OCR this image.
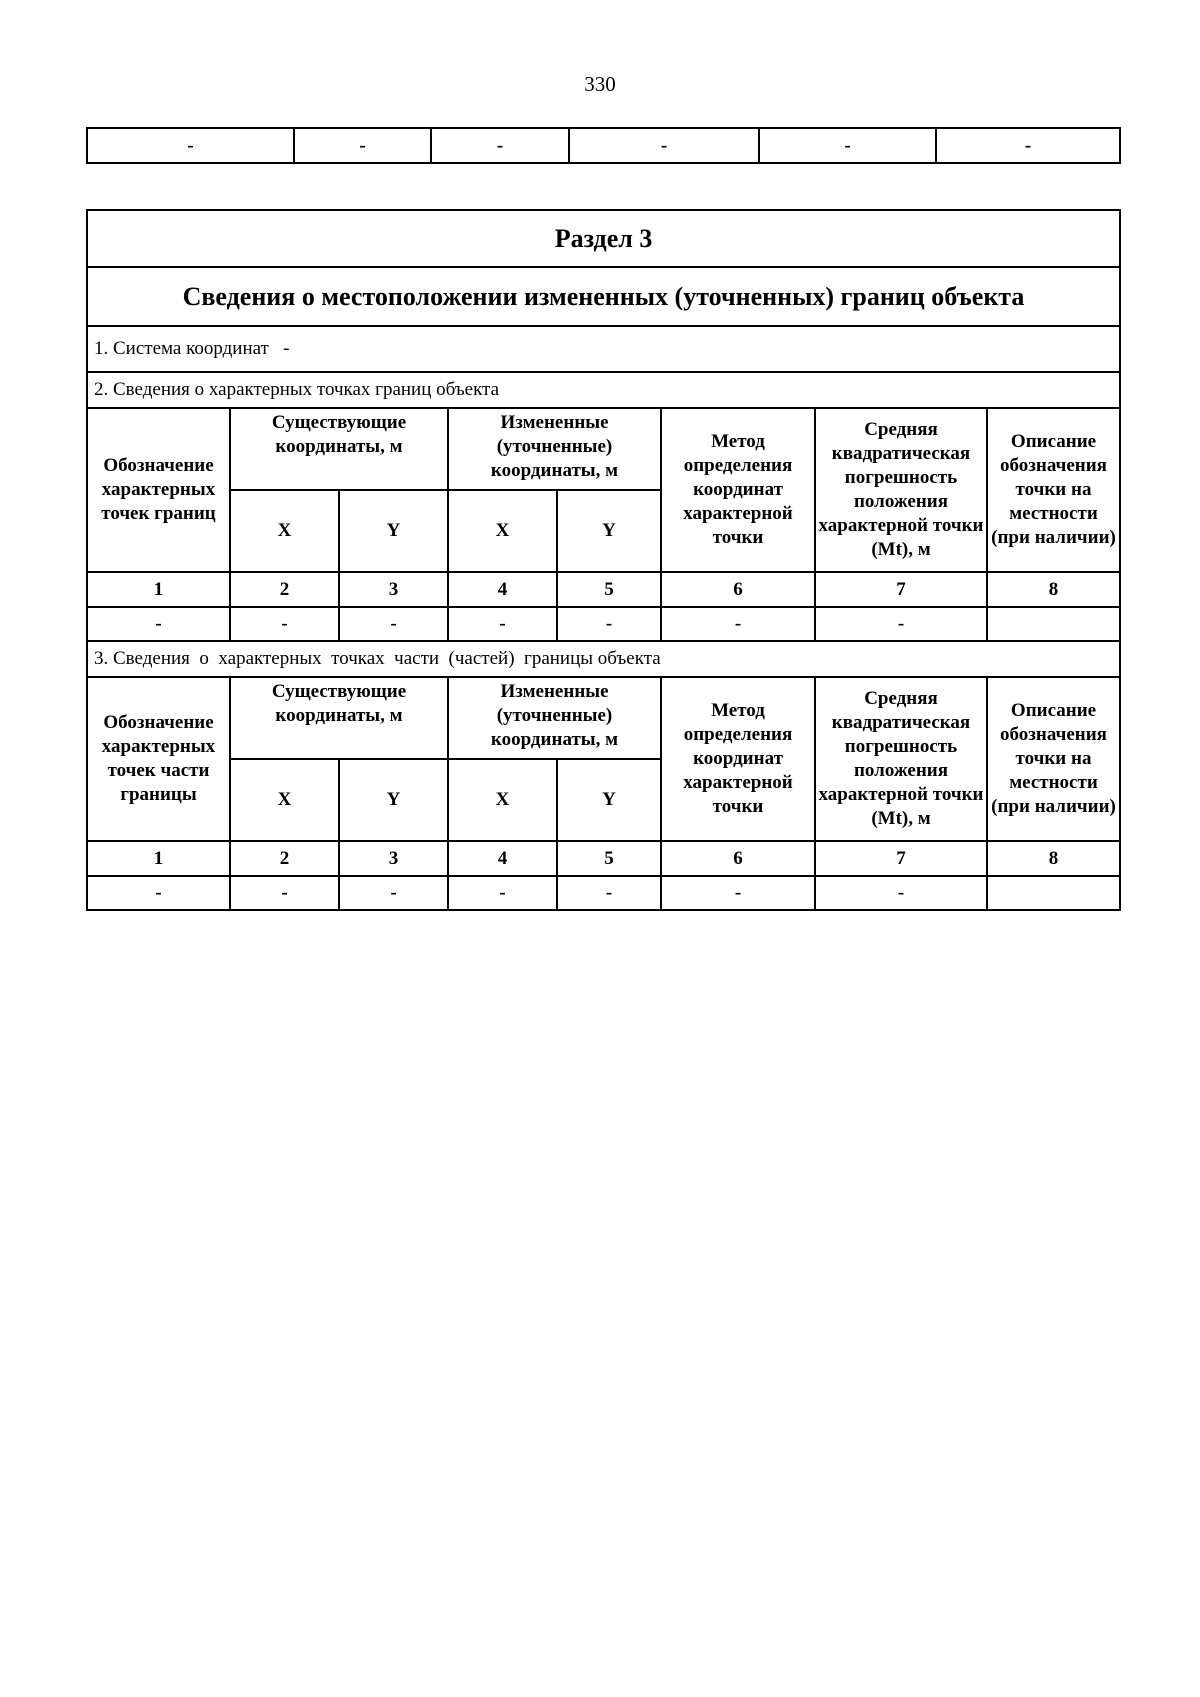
330
-	-	-	-	-	-
Раздел 3							
Сведения о местоположении измененных (уточненных) границ объекта							
1. Система координат   -							
2. Сведения о характерных точках границ объекта							
Обозначение характерных точек границ	Существующие координаты, м		Измененные (уточненные) координаты, м		Метод определения координат характерной точки	Средняя квадратическая погрешность положения характерной точки (Mt), м	Описание обозначения точки на местности (при наличии)
	X	Y	X	Y			
1	2	3	4	5	6	7	8
-	-	-	-	-	-	-	
3. Сведения  о  характерных  точках  части  (частей)  границы объекта							
Обозначение характерных точек части границы	Существующие координаты, м		Измененные (уточненные) координаты, м		Метод определения координат характерной точки	Средняя квадратическая погрешность положения характерной точки (Mt), м	Описание обозначения точки на местности (при наличии)
	X	Y	X	Y			
1	2	3	4	5	6	7	8
-	-	-	-	-	-	-	
